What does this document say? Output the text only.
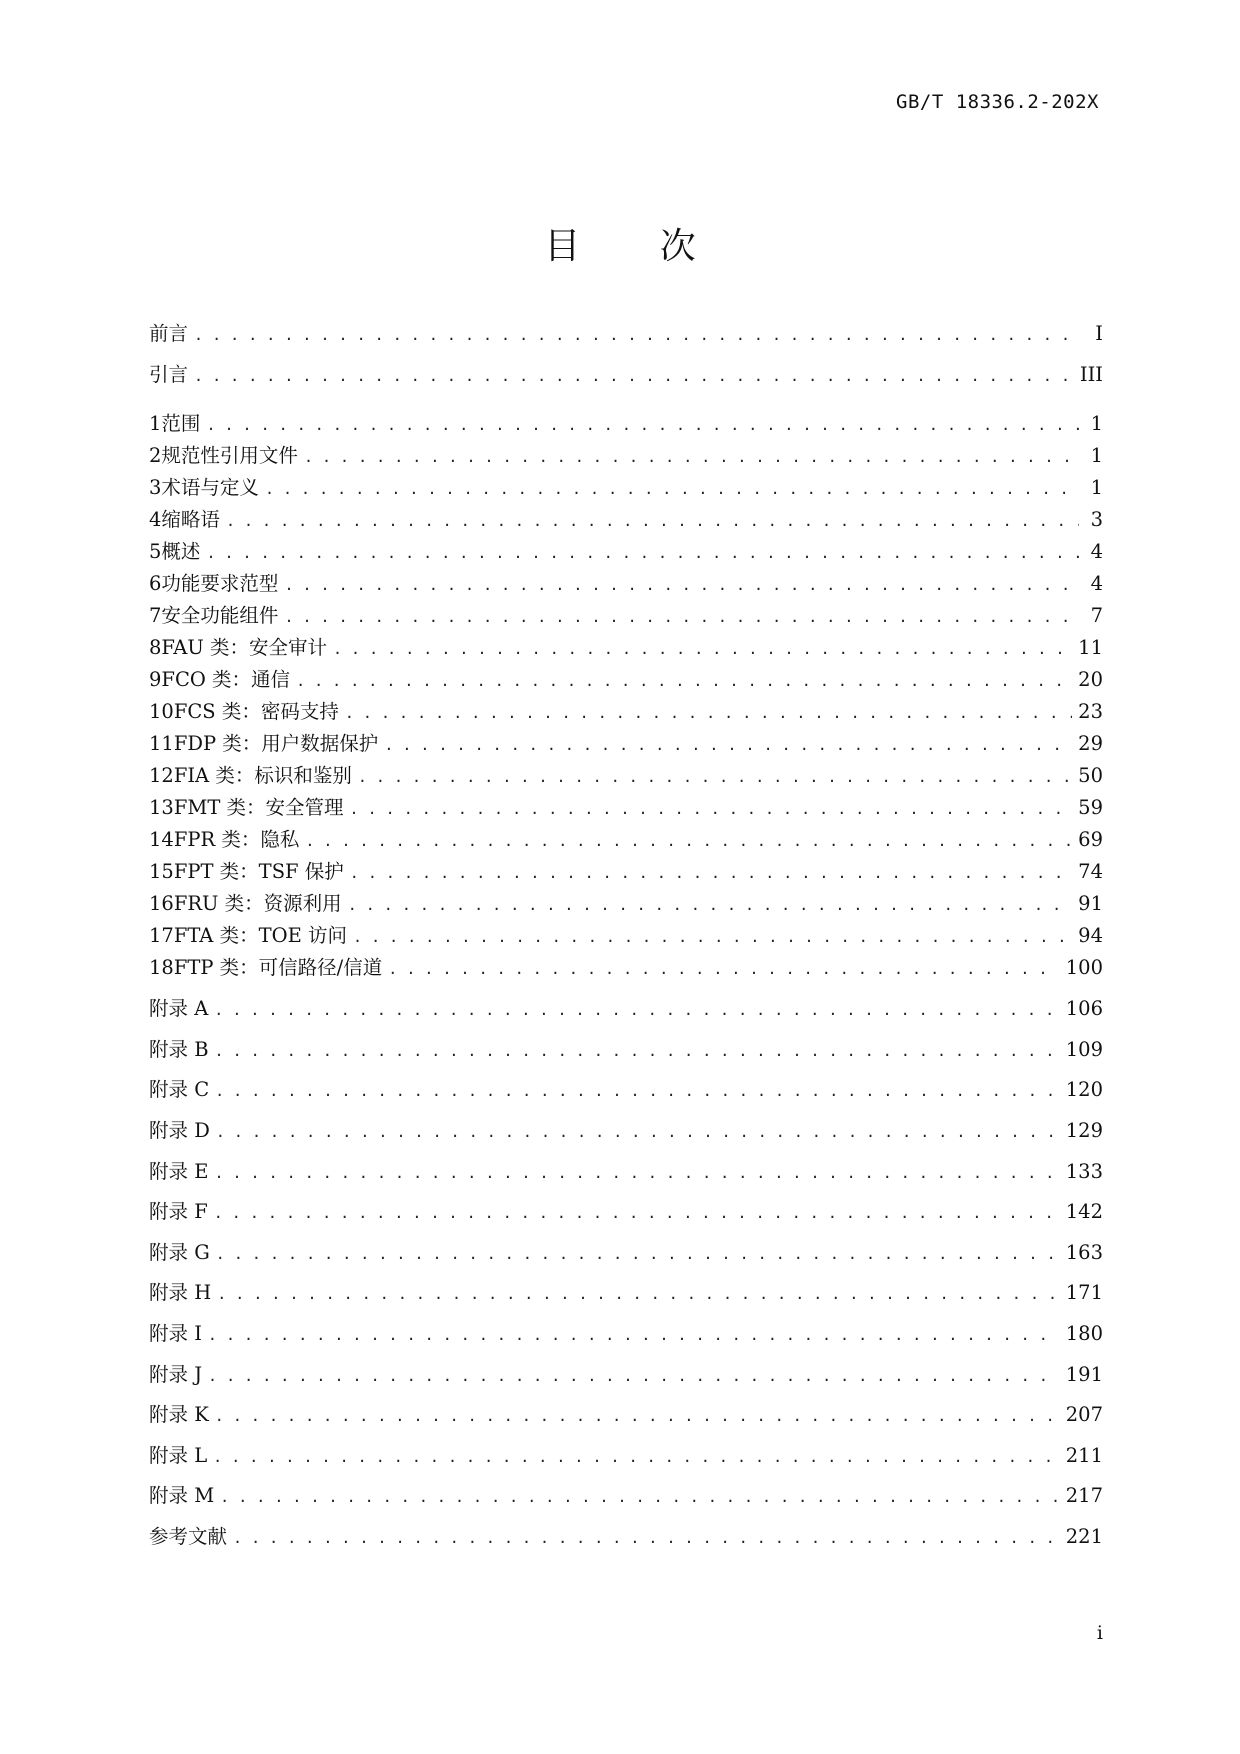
GB/T 18336.2-202X
目 次
前言 . . .	I
引言 . . .	III
1 范围 . . .	1
2 规范性引用文件 . . .	1
3 术语与定义 . . .	1
4 缩略语 . . .	3
5 概述 . . .	4
6 功能要求范型 . . .	4
7 安全功能组件 . . .	7
8 FAU 类：安全审计 . . .	11
9 FCO 类：通信 . . .	20
10 FCS 类：密码支持 . . .	23
11 FDP 类：用户数据保护 . . .	29
12 FIA 类：标识和鉴别 . . .	50
13 FMT 类：安全管理 . . .	59
14 FPR 类：隐私 . . .	69
15 FPT 类：TSF 保护 . . .	74
16 FRU 类：资源利用 . . .	91
17 FTA 类：TOE 访问 . . .	94
18 FTP 类：可信路径/信道 . . .	100
附录 A . . .	106
附录 B . . .	109
附录 C . . .	120
附录 D . . .	129
附录 E . . .	133
附录 F . . .	142
附录 G . . .	163
附录 H . . .	171
附录 I . . .	180
附录 J . . .	191
附录 K . . .	207
附录 L . . .	211
附录 M . . .	217
参考文献 . . .	221
i
